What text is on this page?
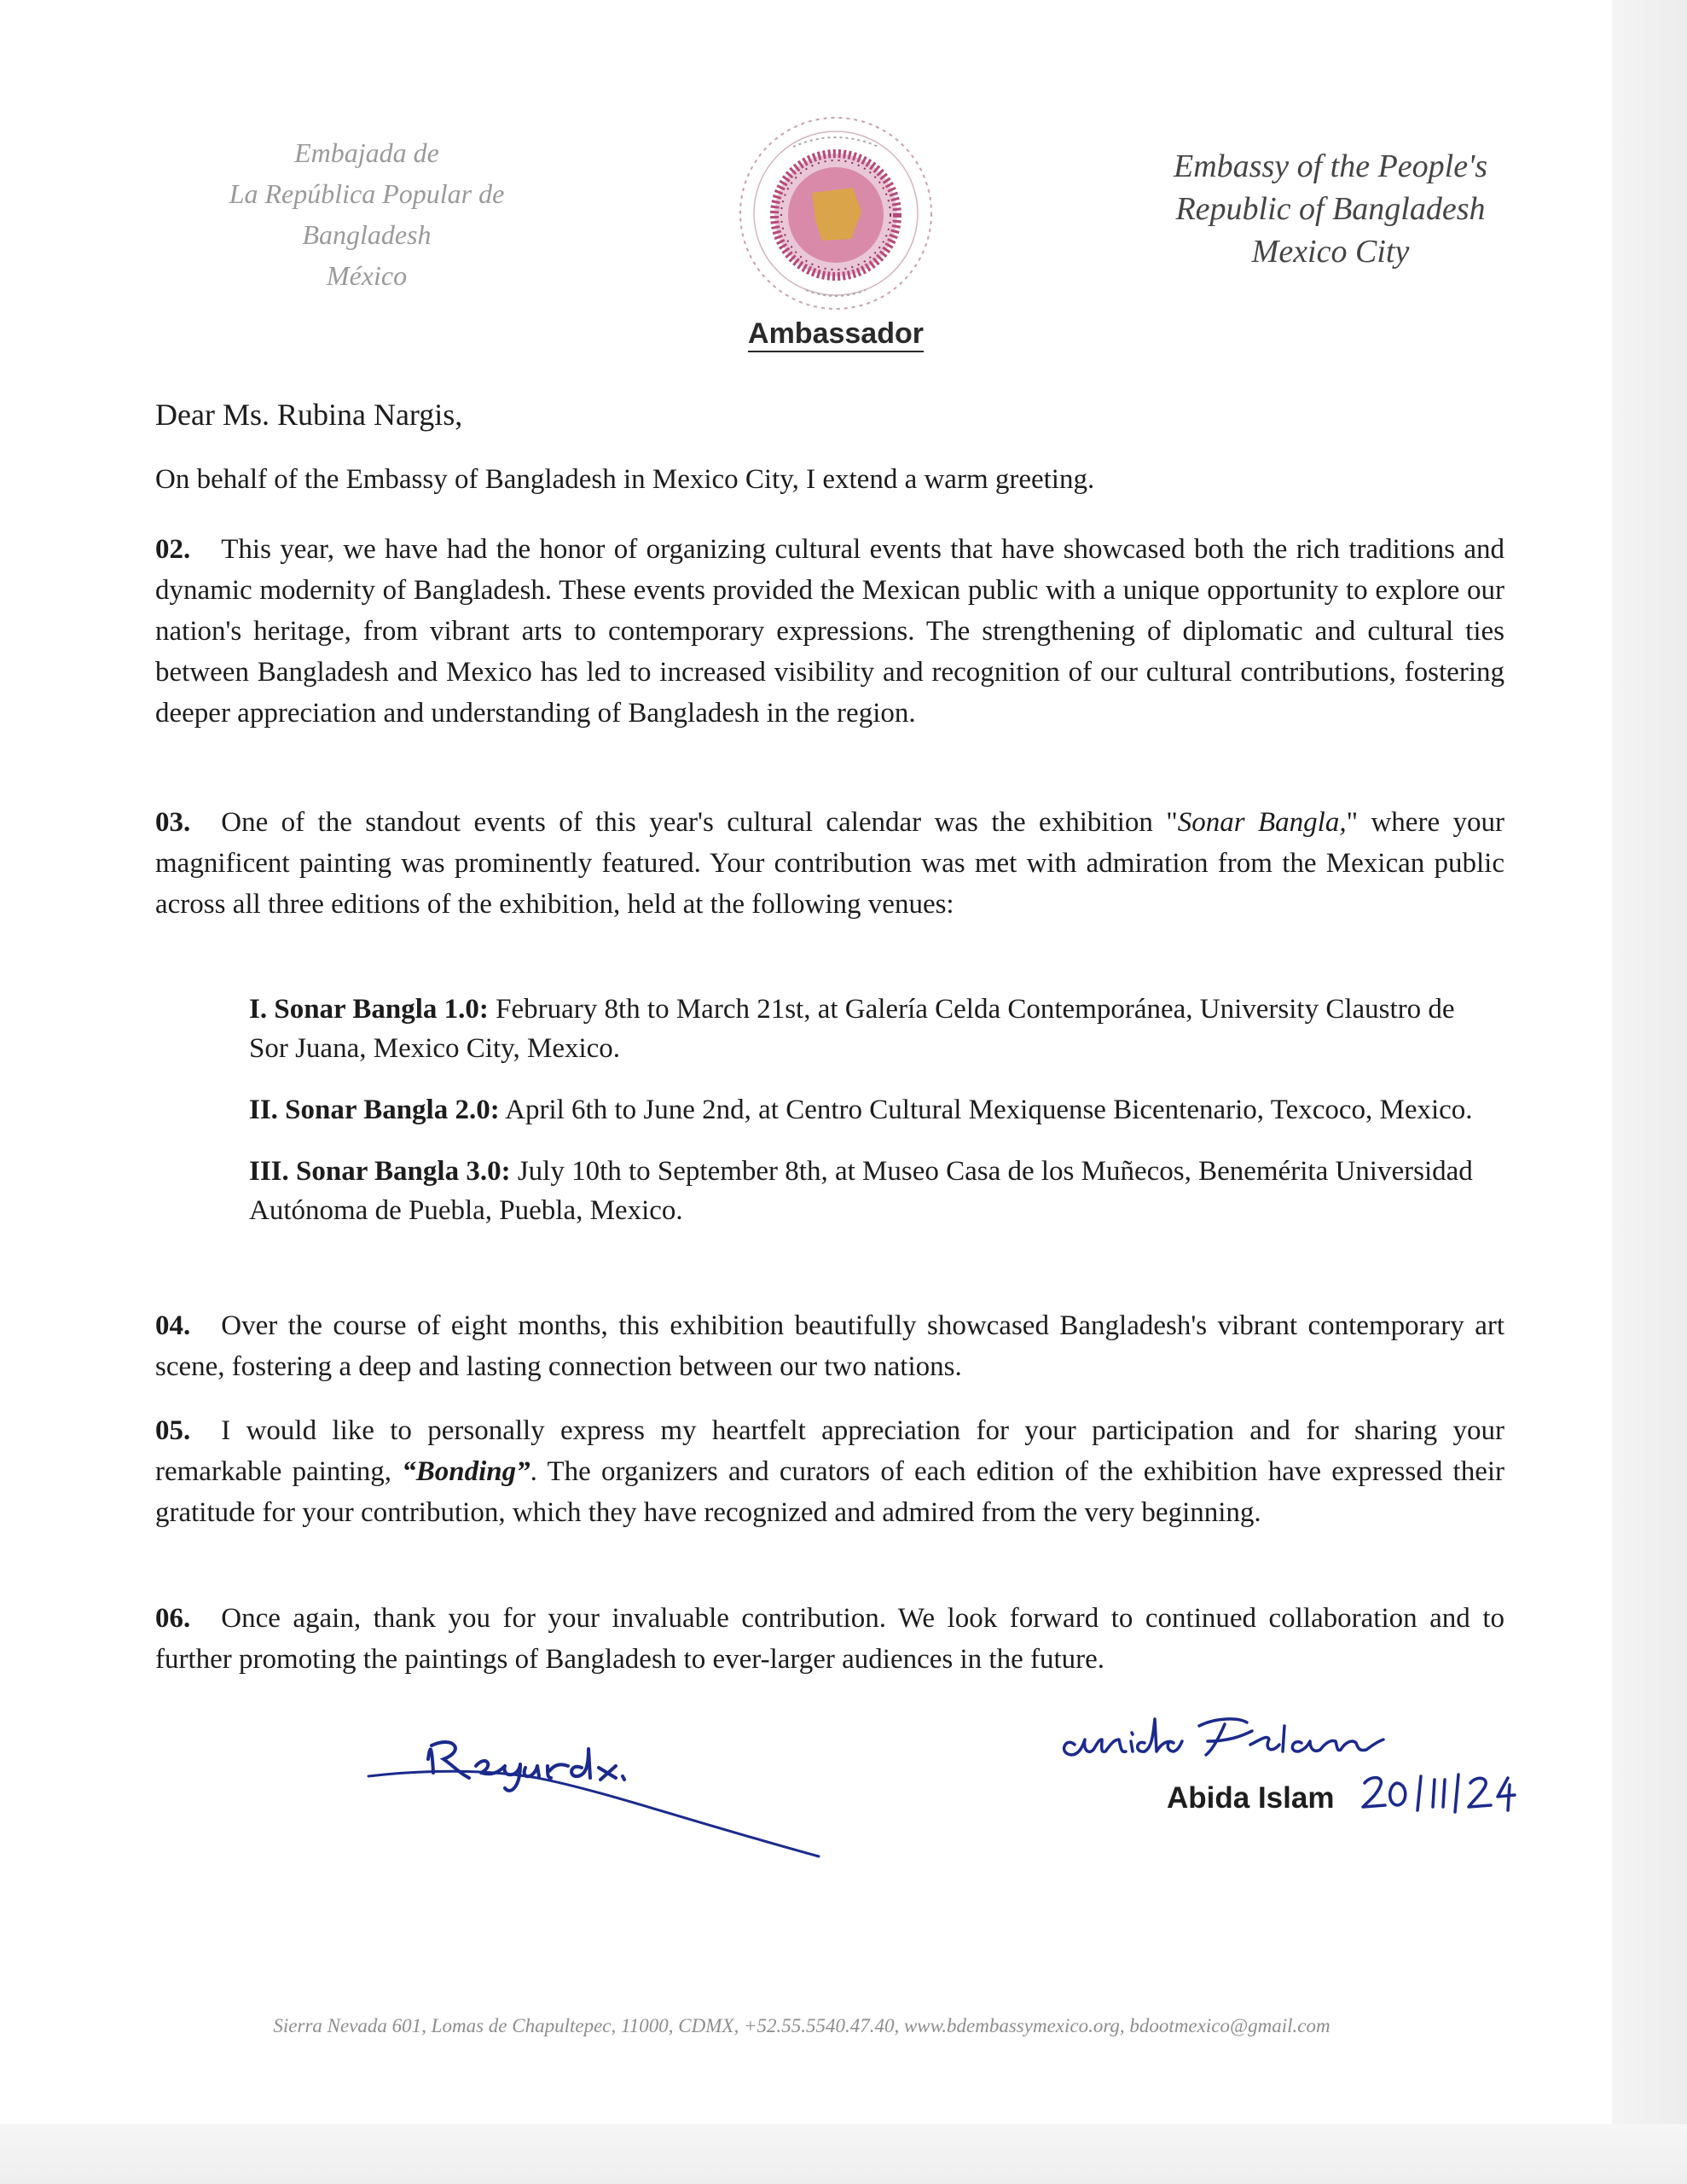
Embajada de
La República Popular de
Bangladesh
México
Embassy of the People's
Republic of Bangladesh
Mexico City
Ambassador
Dear Ms. Rubina Nargis,
On behalf of the Embassy of Bangladesh in Mexico City, I extend a warm greeting.
02. This year, we have had the honor of organizing cultural events that have showcased both the rich traditions and dynamic modernity of Bangladesh. These events provided the Mexican public with a unique opportunity to explore our nation's heritage, from vibrant arts to contemporary expressions. The strengthening of diplomatic and cultural ties between Bangladesh and Mexico has led to increased visibility and recognition of our cultural contributions, fostering deeper appreciation and understanding of Bangladesh in the region.
03. One of the standout events of this year's cultural calendar was the exhibition "Sonar Bangla," where your magnificent painting was prominently featured. Your contribution was met with admiration from the Mexican public across all three editions of the exhibition, held at the following venues:
I. Sonar Bangla 1.0: February 8th to March 21st, at Galería Celda Contemporánea, University Claustro de Sor Juana, Mexico City, Mexico.
II. Sonar Bangla 2.0: April 6th to June 2nd, at Centro Cultural Mexiquense Bicentenario, Texcoco, Mexico.
III. Sonar Bangla 3.0: July 10th to September 8th, at Museo Casa de los Muñecos, Benemérita Universidad Autónoma de Puebla, Puebla, Mexico.
04. Over the course of eight months, this exhibition beautifully showcased Bangladesh's vibrant contemporary art scene, fostering a deep and lasting connection between our two nations.
05. I would like to personally express my heartfelt appreciation for your participation and for sharing your remarkable painting, “Bonding”. The organizers and curators of each edition of the exhibition have expressed their gratitude for your contribution, which they have recognized and admired from the very beginning.
06. Once again, thank you for your invaluable contribution. We look forward to continued collaboration and to further promoting the paintings of Bangladesh to ever-larger audiences in the future.
Abida Islam
Sierra Nevada 601, Lomas de Chapultepec, 11000, CDMX, +52.55.5540.47.40, www.bdembassymexico.org, bdootmexico@gmail.com
